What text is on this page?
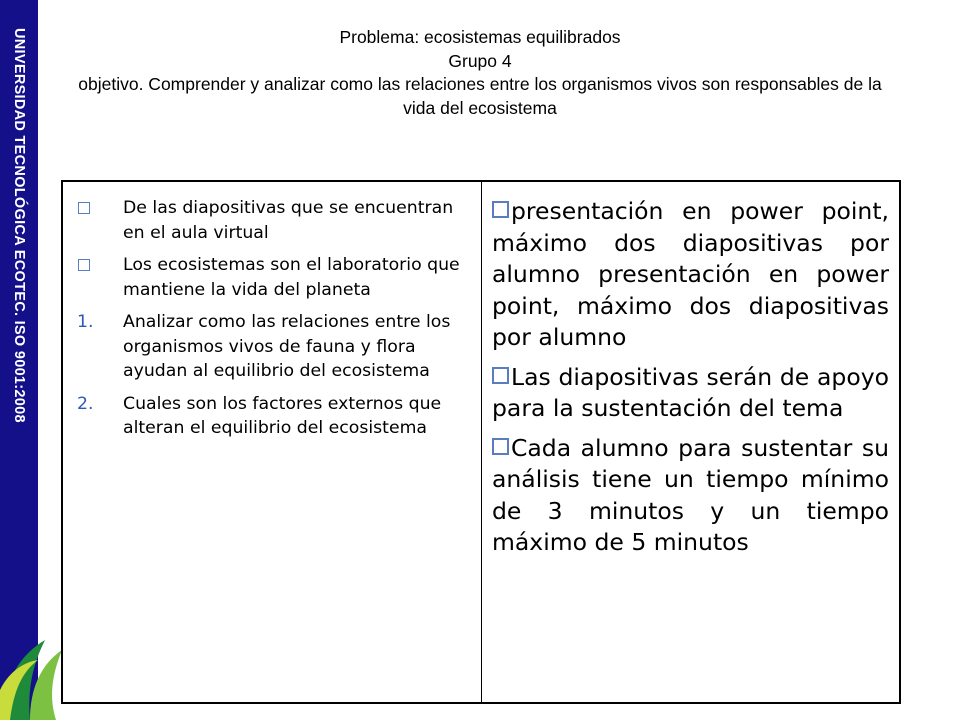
UNIVERSIDAD TECNOLÓGICA ECOTEC. ISO 9001:2008	Problema: ecosistemas equilibrados
Grupo 4
objetivo. Comprender y analizar como las relaciones entre los organismos vivos son responsables de la vida del ecosistema
De las diapositivas que se encuentran en el aula virtual
Los ecosistemas son el laboratorio que mantiene la vida del planeta
1.	Analizar como las relaciones entre los organismos vivos de fauna y flora ayudan al equilibrio del ecosistema
2.	Cuales son los factores externos que alteran el equilibrio del ecosistema
presentación en power point, máximo dos diapositivas por alumno presentación en power point, máximo dos diapositivas por alumno
Las diapositivas serán de apoyo para la sustentación del tema
Cada alumno para sustentar su análisis tiene un tiempo mínimo de 3 minutos y un tiempo máximo de 5 minutos
